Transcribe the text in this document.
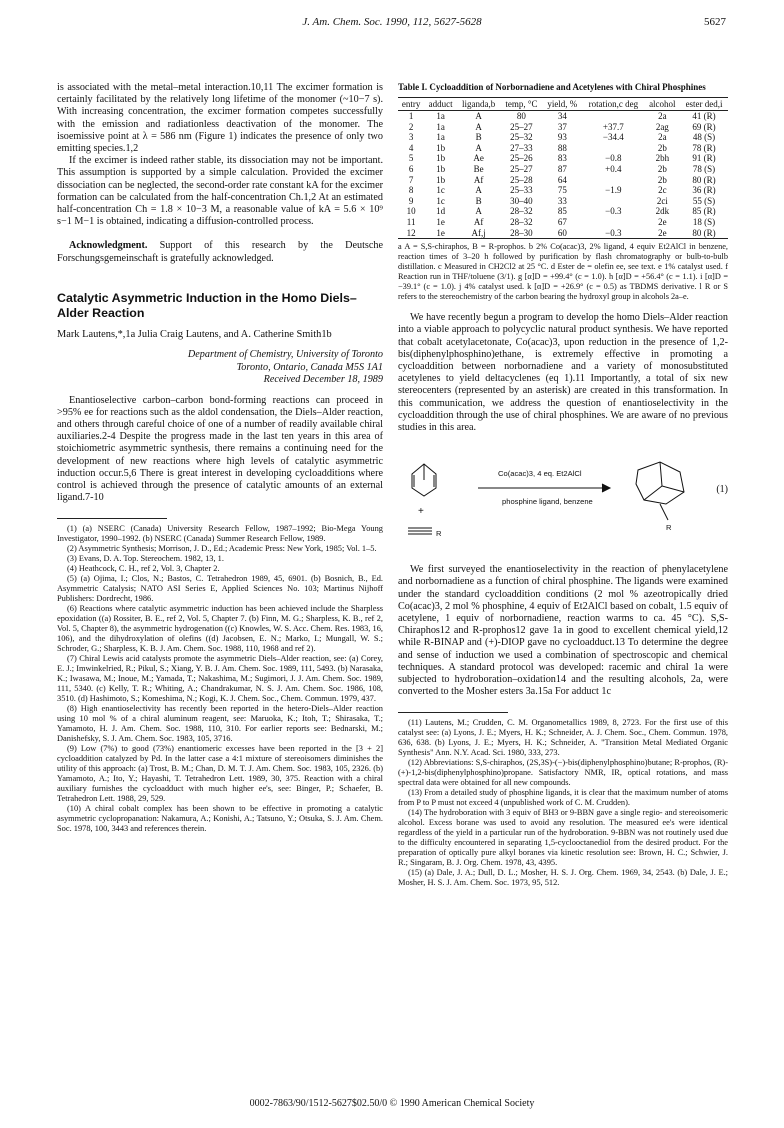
J. Am. Chem. Soc. 1990, 112, 5627-5628	5627

is associated with the metal–metal interaction.10,11 The excimer formation is certainly facilitated by the relatively long lifetime of the monomer (~10−7 s). With increasing concentration, the excimer formation competes successfully with the emission and radiationless deactivation of the monomer. The isoemissive point at λ = 586 nm (Figure 1) indicates the presence of only two emitting species.1,2

If the excimer is indeed rather stable, its dissociation may not be important. This assumption is supported by a simple calculation. Provided the excimer dissociation can be neglected, the second-order rate constant kA for the excimer formation can be calculated from the half-concentration Ch.1,2 At an estimated half-concentration Ch = 1.8 × 10−3 M, a reasonable value of kA = 5.6 × 10⁹ s−1 M−1 is obtained, indicating a diffusion-controlled process.

Acknowledgment. Support of this research by the Deutsche Forschungsgemeinschaft is gratefully acknowledged.

Catalytic Asymmetric Induction in the Homo Diels–Alder Reaction
Mark Lautens,*,1a Julia Craig Lautens, and A. Catherine Smith1b
Department of Chemistry, University of Toronto
Toronto, Ontario, Canada M5S 1A1
Received December 18, 1989

Enantioselective carbon–carbon bond-forming reactions can proceed in >95% ee for reactions such as the aldol condensation, the Diels–Alder reaction, and others through careful choice of one of a number of readily available chiral auxiliaries.2-4 Despite the progress made in the last ten years in this area of stoichiometric asymmetric synthesis, there remains a continuing need for the development of new reactions where high levels of catalytic asymmetric induction occur.5,6 There is great interest in developing cycloadditions where control is achieved through the presence of catalytic amounts of an external ligand.7-10

(1) (a) NSERC (Canada) University Research Fellow, 1987–1992; Bio-Mega Young Investigator, 1990–1992. (b) NSERC (Canada) Summer Research Fellow, 1989.
(2) Asymmetric Synthesis; Morrison, J. D., Ed.; Academic Press: New York, 1985; Vol. 1–5.
(3) Evans, D. A. Top. Stereochem. 1982, 13, 1.
(4) Heathcock, C. H., ref 2, Vol. 3, Chapter 2.
(5) (a) Ojima, I.; Clos, N.; Bastos, C. Tetrahedron 1989, 45, 6901. (b) Bosnich, B., Ed. Asymmetric Catalysis; NATO ASI Series E, Applied Sciences No. 103; Martinus Nijhoff Publishers: Dordrecht, 1986.
(6) Reactions where catalytic asymmetric induction has been achieved include the Sharpless epoxidation ((a) Rossiter, B. E., ref 2, Vol. 5, Chapter 7. (b) Finn, M. G.; Sharpless, K. B., ref 2, Vol. 5, Chapter 8), the asymmetric hydrogenation ((c) Knowles, W. S. Acc. Chem. Res. 1983, 16, 106), and the dihydroxylation of olefins ((d) Jacobsen, E. N.; Marko, I.; Mungall, W. S.; Schroder, G.; Sharpless, K. B. J. Am. Chem. Soc. 1988, 110, 1968 and ref 2).
(7) Chiral Lewis acid catalysts promote the asymmetric Diels–Alder reaction, see: (a) Corey, E. J.; Imwinkelried, R.; Pikul, S.; Xiang, Y. B. J. Am. Chem. Soc. 1989, 111, 5493. (b) Narasaka, K.; Iwasawa, M.; Inoue, M.; Yamada, T.; Nakashima, M.; Sugimori, J. J. Am. Chem. Soc. 1989, 111, 5340. (c) Kelly, T. R.; Whiting, A.; Chandrakumar, N. S. J. Am. Chem. Soc. 1986, 108, 3510. (d) Hashimoto, S.; Komeshima, N.; Kogi, K. J. Chem. Soc., Chem. Commun. 1979, 437.
(8) High enantioselectivity has recently been reported in the hetero-Diels–Alder reaction using 10 mol % of a chiral aluminum reagent, see: Maruoka, K.; Itoh, T.; Shirasaka, T.; Yamamoto, H. J. Am. Chem. Soc. 1988, 110, 310. For earlier reports see: Bednarski, M.; Danishefsky, S. J. Am. Chem. Soc. 1983, 105, 3716.
(9) Low (7%) to good (73%) enantiomeric excesses have been reported in the [3 + 2] cycloaddition catalyzed by Pd. In the latter case a 4:1 mixture of stereoisomers diminishes the utility of this approach: (a) Trost, B. M.; Chan, D. M. T. J. Am. Chem. Soc. 1983, 105, 2326. (b) Yamamoto, A.; Ito, Y.; Hayashi, T. Tetrahedron Lett. 1989, 30, 375. Reaction with a chiral auxiliary furnishes the cycloadduct with much higher ee's, see: Binger, P.; Schaefer, B. Tetrahedron Lett. 1988, 29, 529.
(10) A chiral cobalt complex has been shown to be effective in promoting a catalytic asymmetric cyclopropanation: Nakamura, A.; Konishi, A.; Tatsuno, Y.; Otsuka, S. J. Am. Chem. Soc. 1978, 100, 3443 and references therein.
Table I. Cycloaddition of Norbornadiene and Acetylenes with Chiral Phosphines
entry	adduct	liganda,b	temp, °C	yield, %	rotation,c deg	alcohol	ester ded,i
1	1a	A	80	34		2a	41 (R)
2	1a	A	25–27	37	+37.7	2ag	69 (R)
3	1a	B	25–32	93	−34.4	2a	48 (S)
4	1b	A	27–33	88		2b	78 (R)
5	1b	Ae	25–26	83	−0.8	2bh	91 (R)
6	1b	Be	25–27	87	+0.4	2b	78 (S)
7	1b	Af	25–28	64		2b	80 (R)
8	1c	A	25–33	75	−1.9	2c	36 (R)
9	1c	B	30–40	33		2ci	55 (S)
10	1d	A	28–32	85	−0.3	2dk	85 (R)
11	1e	Af	28–32	67		2e	18 (S)
12	1e	Af,j	28–30	60	−0.3	2e	80 (R)
a A = S,S-chiraphos, B = R-prophos. b 2% Co(acac)3, 2% ligand, 4 equiv Et2AlCl in benzene, reaction times of 3–20 h followed by purification by flash chromatography or bulb-to-bulb distillation. c Measured in CH2Cl2 at 25 °C. d Ester de = olefin ee, see text. e 1% catalyst used. f Reaction run in THF/toluene (3/1). g [α]D = +99.4° (c = 1.0). h [α]D = +56.4° (c = 1.1). i [α]D = −39.1° (c = 1.0). j 4% catalyst used. k [α]D = +26.9° (c = 0.5) as TBDMS derivative. l R or S refers to the stereochemistry of the carbon bearing the hydroxyl group in alcohols 2a–e.

We have recently begun a program to develop the homo Diels–Alder reaction into a viable approach to polycyclic natural product synthesis. We have reported that cobalt acetylacetonate, Co(acac)3, upon reduction in the presence of 1,2-bis(diphenylphosphino)ethane, is extremely effective in promoting a cycloaddition between norbornadiene and a variety of monosubstituted acetylenes to yield deltacyclenes (eq 1).11 Importantly, a total of six new stereocenters (represented by an asterisk) are created in this transformation. In this communication, we address the question of enantioselectivity in the cycloaddition through the use of chiral phosphines. We are aware of no previous studies in this area.

Co(acac)3, 4 eq. Et2AlCl
phosphine ligand, benzene
+
R
R
(1)

We first surveyed the enantioselectivity in the reaction of phenylacetylene and norbornadiene as a function of chiral phosphine. The ligands were examined under the standard cycloaddition conditions (2 mol % azeotropically dried Co(acac)3, 2 mol % phosphine, 4 equiv of Et2AlCl based on cobalt, 1.5 equiv of acetylene, 1 equiv of norbornadiene, reaction warms to ca. 45 °C). S,S-Chiraphos12 and R-prophos12 gave 1a in good to excellent chemical yield,12 while R-BINAP and (+)-DIOP gave no cycloadduct.13 To determine the degree and sense of induction we used a combination of spectroscopic and chemical techniques. A standard protocol was developed: racemic and chiral 1a were subjected to hydroboration–oxidation14 and the resulting alcohols, 2a, were converted to the Mosher esters 3a.15a For adduct 1c

(11) Lautens, M.; Crudden, C. M. Organometallics 1989, 8, 2723. For the first use of this catalyst see: (a) Lyons, J. E.; Myers, H. K.; Schneider, A. J. Chem. Soc., Chem. Commun. 1978, 636, 638. (b) Lyons, J. E.; Myers, H. K.; Schneider, A. "Transition Metal Mediated Organic Synthesis" Ann. N.Y. Acad. Sci. 1980, 333, 273.
(12) Abbreviations: S,S-chiraphos, (2S,3S)-(−)-bis(diphenylphosphino)butane; R-prophos, (R)-(+)-1,2-bis(diphenylphosphino)propane. Satisfactory NMR, IR, optical rotations, and mass spectral data were obtained for all new compounds.
(13) From a detailed study of phosphine ligands, it is clear that the maximum number of atoms from P to P must not exceed 4 (unpublished work of C. M. Crudden).
(14) The hydroboration with 3 equiv of BH3 or 9-BBN gave a single regio- and stereoisomeric alcohol. Excess borane was used to avoid any resolution. The measured ee's were identical regardless of the yield in a particular run of the hydroboration. 9-BBN was not routinely used due to the difficulty encountered in separating 1,5-cyclooctanediol from the desired product. For the preparation of optically pure alkyl boranes via kinetic resolution see: Brown, H. C.; Schwier, J. R.; Singaram, B. J. Org. Chem. 1978, 43, 4395.
(15) (a) Dale, J. A.; Dull, D. L.; Mosher, H. S. J. Org. Chem. 1969, 34, 2543. (b) Dale, J. E.; Mosher, H. S. J. Am. Chem. Soc. 1973, 95, 512.
0002-7863/90/1512-5627$02.50/0 © 1990 American Chemical Society
